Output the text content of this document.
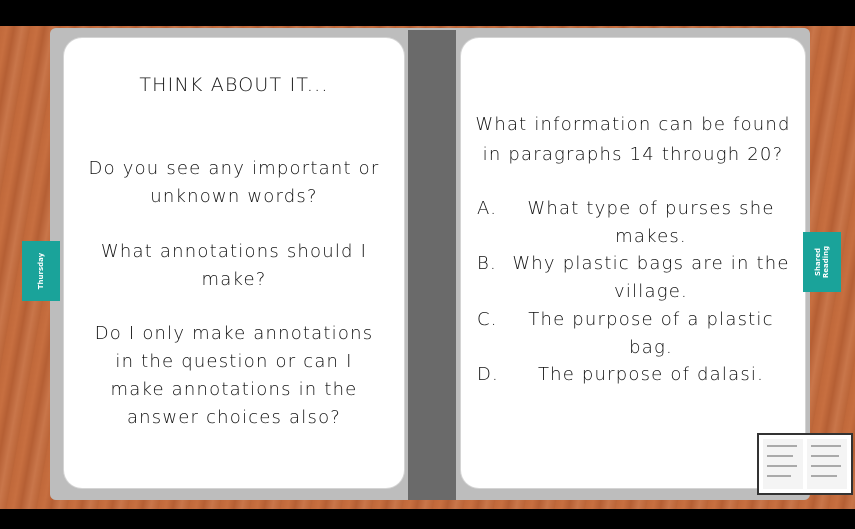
THINK ABOUT IT...
Do you see any important or
unknown words?
What annotations should I
make?
Do I only make annotations
in the question or can I
make annotations in the
answer choices also?
What information can be found
in paragraphs 14 through 20?
A.	What type of purses she
makes.
B. Why plastic bags are in the
village.
C.	The purpose of a plastic
bag.
D.	The purpose of dalasi.
Thursday	Shared
Reading
